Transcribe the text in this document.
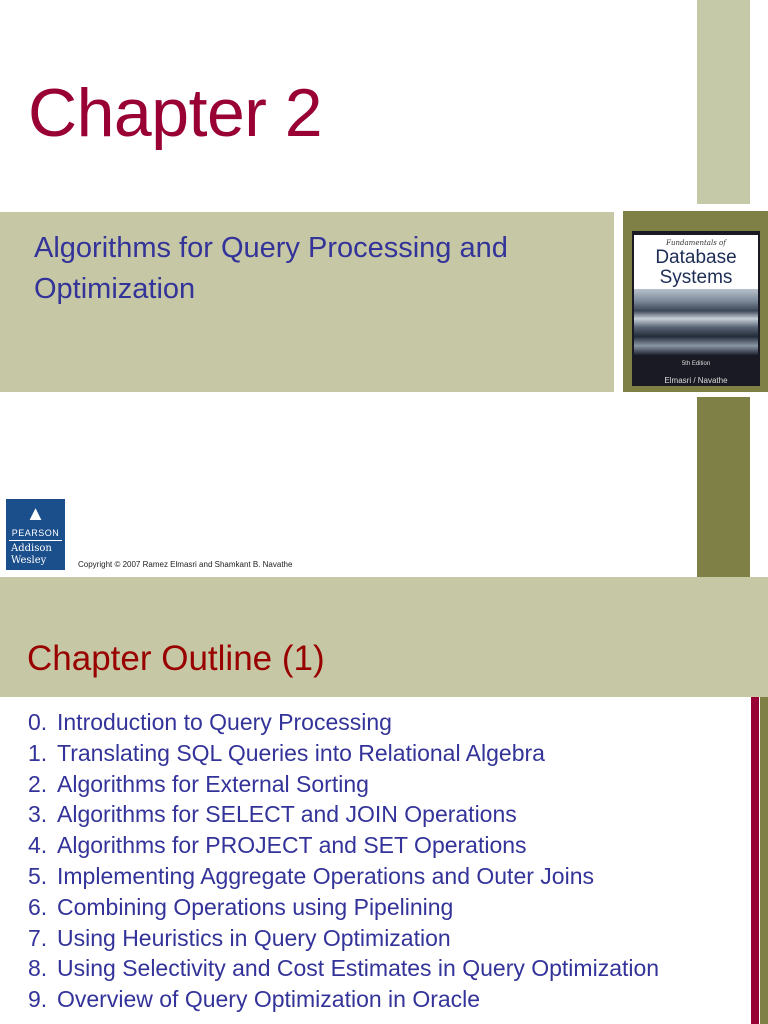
Chapter 2
Algorithms for Query Processing and Optimization
Fundamentals of
Database
Systems
5th Edition
Elmasri / Navathe
▲
PEARSON
Addison
Wesley	Copyright © 2007 Ramez Elmasri and Shamkant B. Navathe
Chapter Outline (1)
0. Introduction to Query Processing
1. Translating SQL Queries into Relational Algebra
2. Algorithms for External Sorting
3. Algorithms for SELECT and JOIN Operations
4. Algorithms for PROJECT and SET Operations
5. Implementing Aggregate Operations and Outer Joins
6. Combining Operations using Pipelining
7. Using Heuristics in Query Optimization
8. Using Selectivity and Cost Estimates in Query Optimization
9. Overview of Query Optimization in Oracle
